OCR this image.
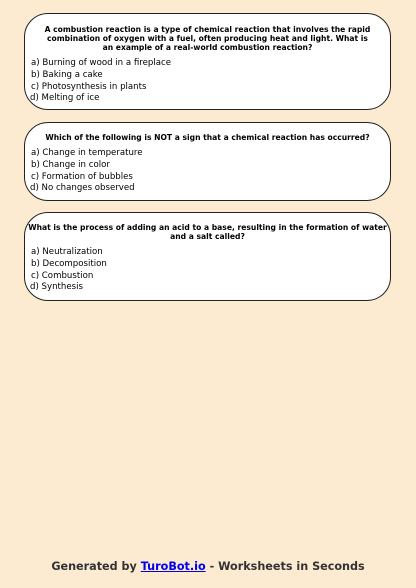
A combustion reaction is a type of chemical reaction that involves the rapid combination of oxygen with a fuel, often producing heat and light. What is an example of a real-world combustion reaction?

a) Burning of wood in a fireplace
b) Baking a cake
c) Photosynthesis in plants
d) Melting of ice

Which of the following is NOT a sign that a chemical reaction has occurred?

a) Change in temperature
b) Change in color
c) Formation of bubbles
d) No changes observed

What is the process of adding an acid to a base, resulting in the formation of water and a salt called?

a) Neutralization
b) Decomposition
c) Combustion
d) Synthesis
Generated by TuroBot.io - Worksheets in Seconds
